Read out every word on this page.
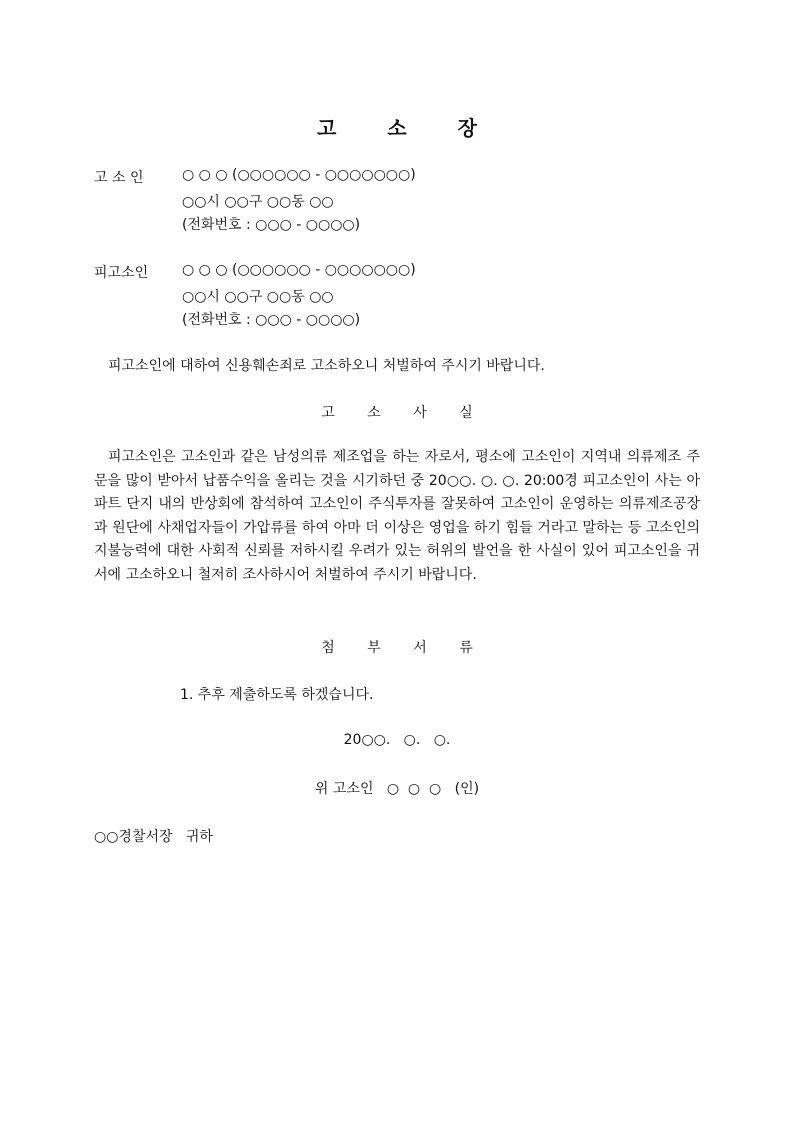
고 소 장
고 소 인	○ ○ ○ (○○○○○○ - ○○○○○○○)
○○시 ○○구 ○○동 ○○
(전화번호 : ○○○ - ○○○○)
피고소인 ○ ○ ○ (○○○○○○ - ○○○○○○○)
○○시 ○○구 ○○동 ○○
(전화번호 : ○○○ - ○○○○)
피고소인에 대하여 신용훼손죄로 고소하오니 처벌하여 주시기 바랍니다.
고 소 사 실
피고소인은 고소인과 같은 남성의류 제조업을 하는 자로서, 평소에 고소인이 지역내 의류제조 주문을 많이 받아서 납품수익을 올리는 것을 시기하던 중 20○○. ○. ○. 20:00경 피고소인이 사는 아파트 단지 내의 반상회에 참석하여 고소인이 주식투자를 잘못하여 고소인이 운영하는 의류제조공장과 원단에 사채업자들이 가압류를 하여 아마 더 이상은 영업을 하기 힘들 거라고 말하는 등 고소인의 지불능력에 대한 사회적 신뢰를 저하시킬 우려가 있는 허위의 발언을 한 사실이 있어 피고소인을 귀서에 고소하오니 철저히 조사하시어 처벌하여 주시기 바랍니다.
첨 부 서 류
1. 추후 제출하도록 하겠습니다.
20○○.   ○.   ○.
위 고소인   ○  ○  ○   (인)
○○경찰서장   귀하
